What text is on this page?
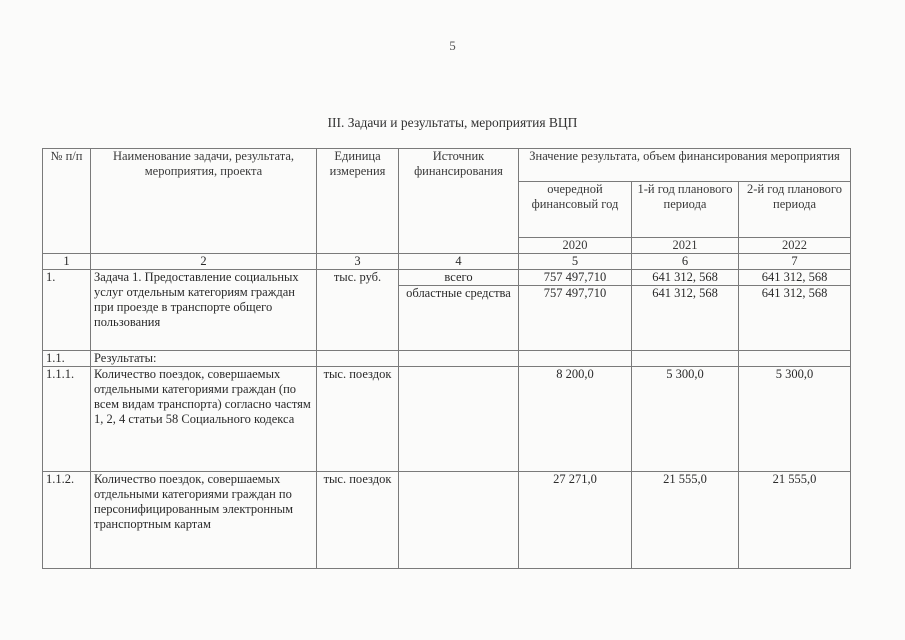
5
III. Задачи и результаты, мероприятия ВЦП
№ п/п	Наименование задачи, результата, мероприятия, проекта	Единица измерения	Источник финансирования	Значение результата, объем финансирования мероприятия		
				очередной финансовый год	1-й год планового периода	2-й год планового периода
				2020	2021	2022
1	2	3	4	5	6	7
1.	Задача 1. Предоставление социальных услуг отдельным категориям граждан при проезде в транспорте общего пользования	тыс. руб.	всего	757 497,710	641 312, 568	641 312, 568
			областные средства	757 497,710	641 312, 568	641 312, 568
1.1.	Результаты:					
1.1.1.	Количество поездок, совершаемых отдельными категориями граждан (по всем видам транспорта) согласно частям 1, 2, 4 статьи 58 Социального кодекса	тыс. поездок		8 200,0	5 300,0	5 300,0
1.1.2.	Количество поездок, совершаемых отдельными категориями граждан по персонифицированным электронным транспортным картам	тыс. поездок		27 271,0	21 555,0	21 555,0
